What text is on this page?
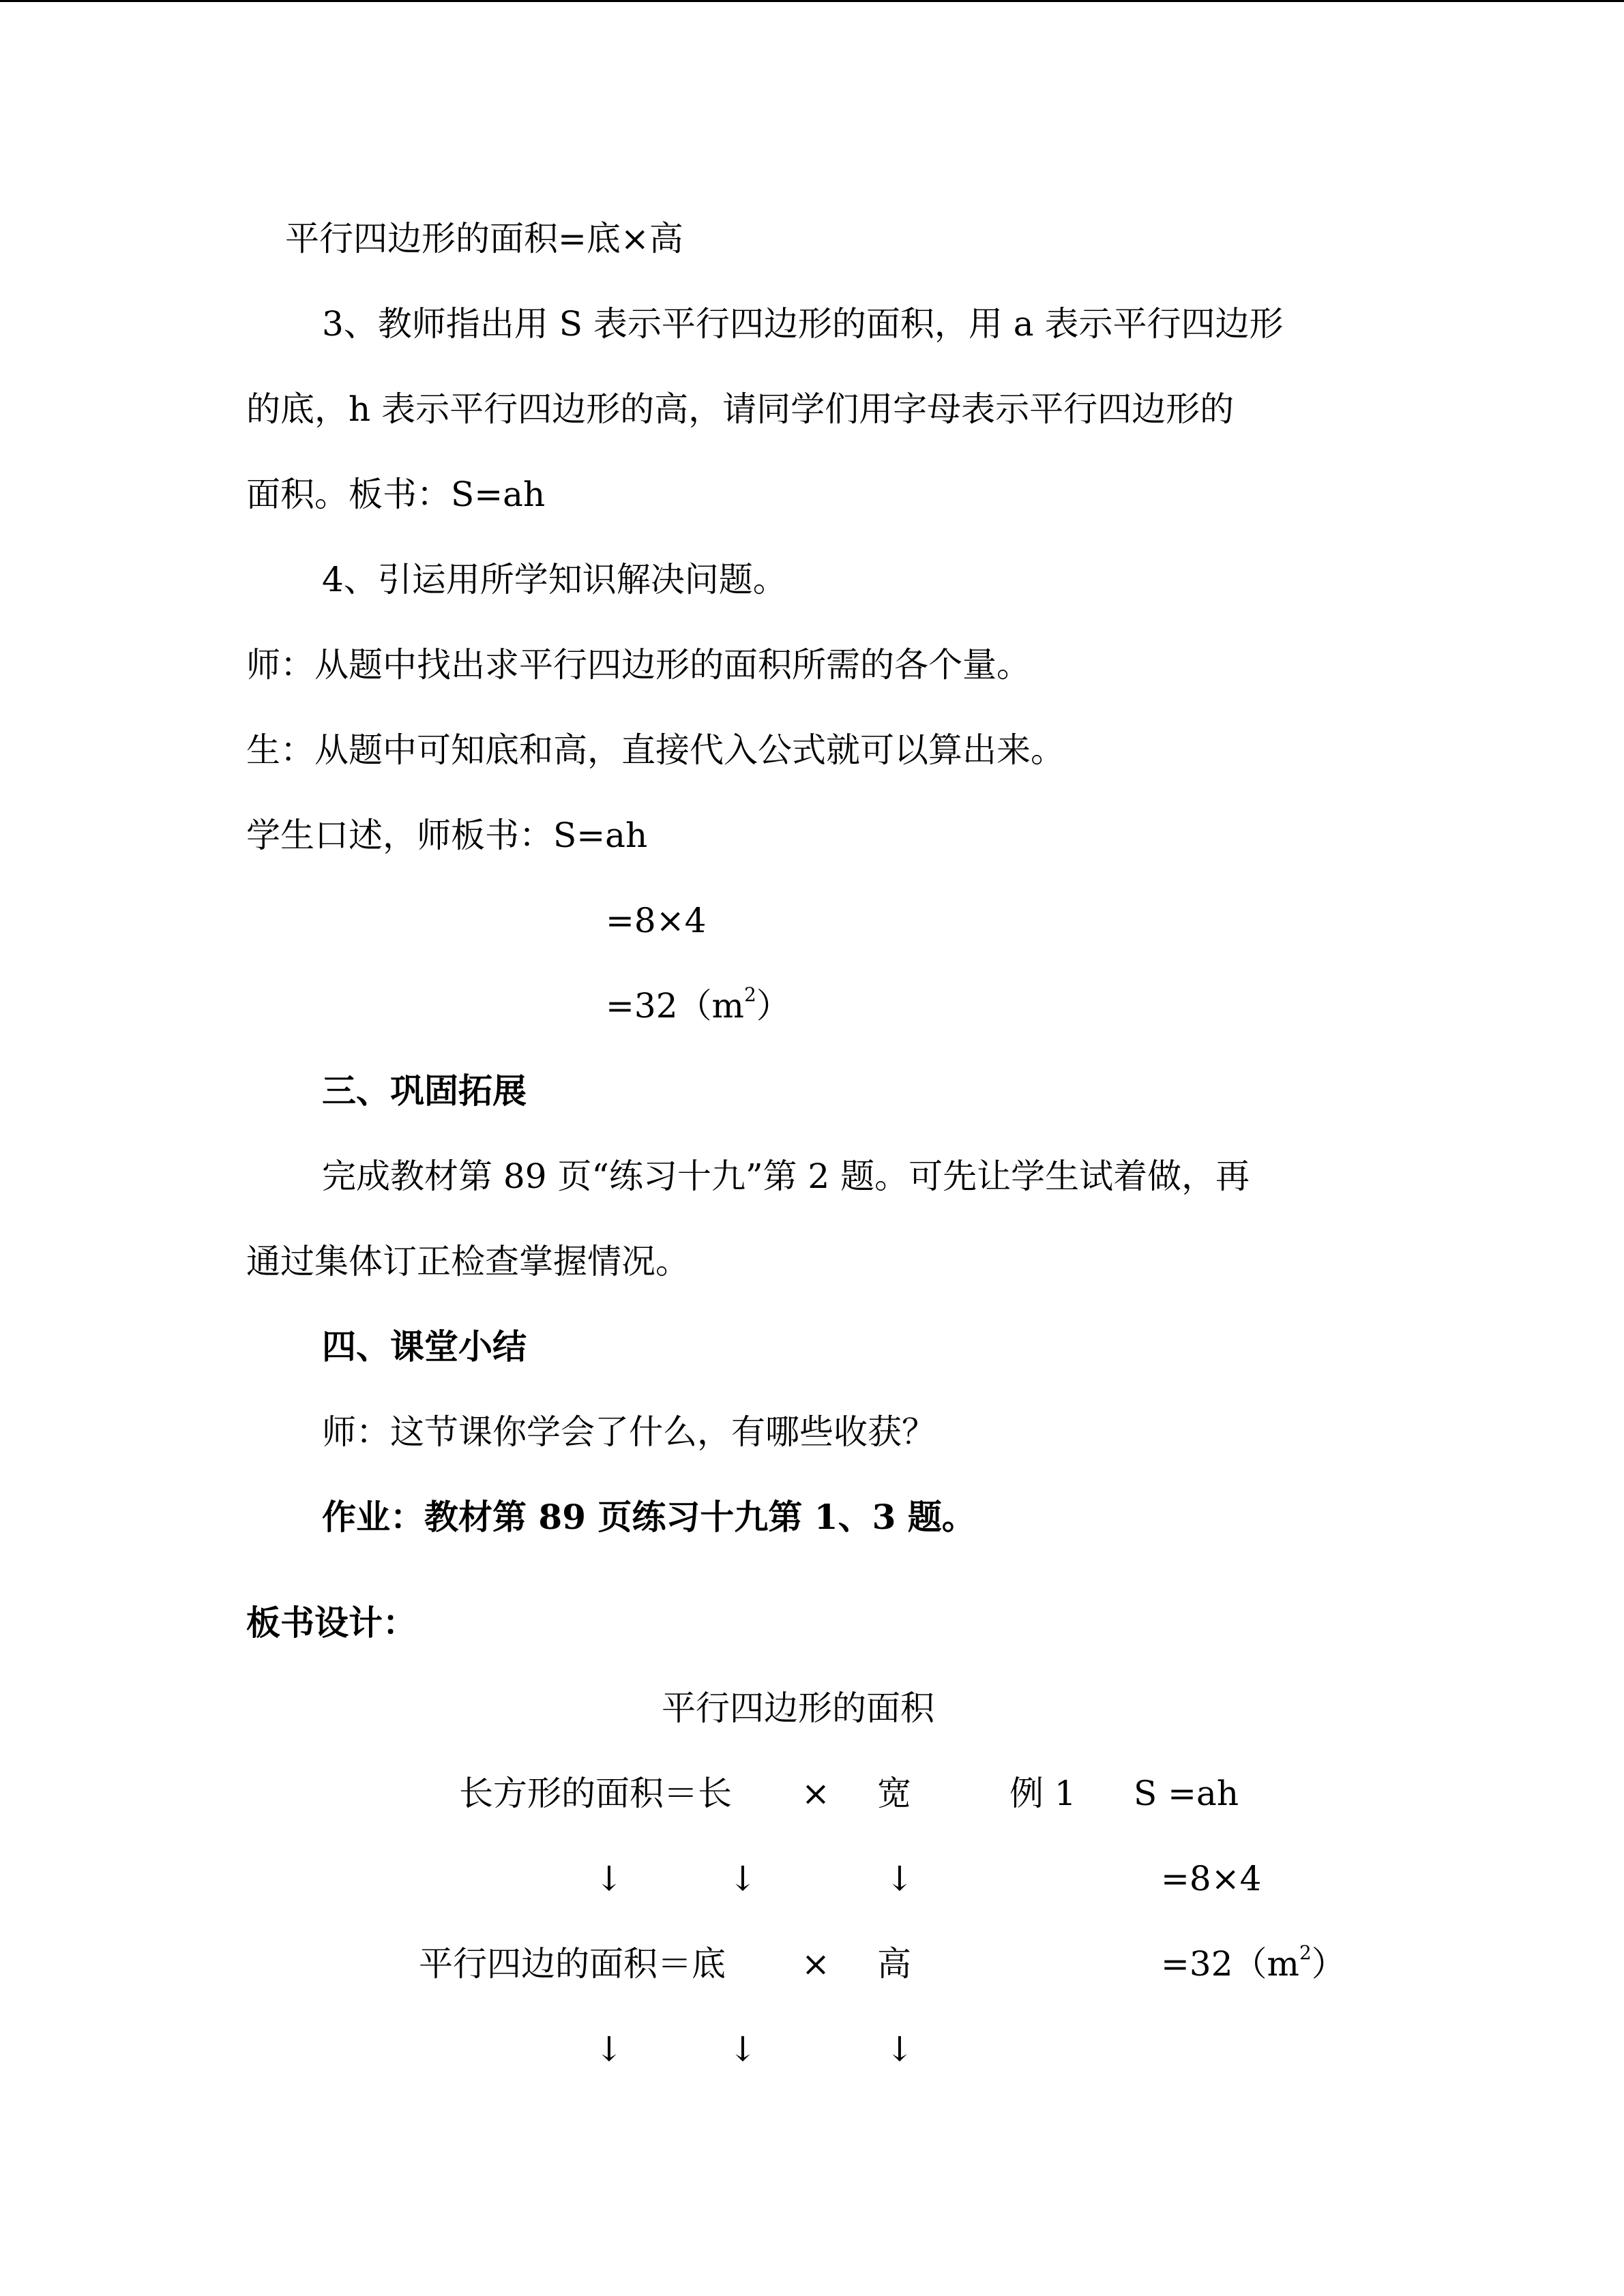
平行四边形的面积=底×高
3、教师指出用 S 表示平行四边形的面积，用 a 表示平行四边形
的底，h 表示平行四边形的高，请同学们用字母表示平行四边形的
面积。板书：S=ah
4、引运用所学知识解决问题。
师：从题中找出求平行四边形的面积所需的各个量。
生：从题中可知底和高，直接代入公式就可以算出来。
学生口述，师板书：S=ah
=8×4
$=32(m^2)$
三、巩固拓展
完成教材第 89 页“练习十九”第 2 题。可先让学生试着做，再
通过集体订正检查掌握情况。
四、课堂小结
师：这节课你学会了什么，有哪些收获？
作业：教材第 89 页练习十九第 1、3 题。
板书设计：
平行四边形的面积
长方形的面积＝长 × 宽	例 1 S =ah
↓	↓	↓	=8×4
平行四边的面积＝底 × 高	$=32(m^2)$
↓	↓	↓
